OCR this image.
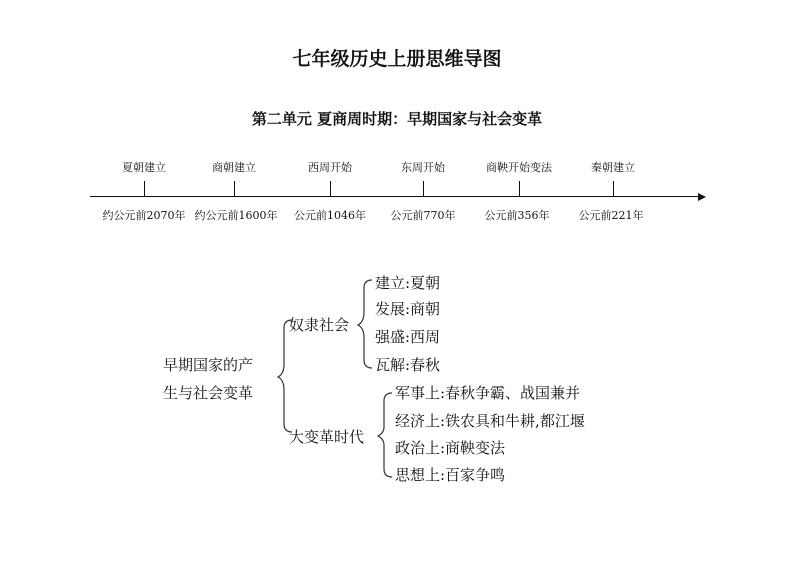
七年级历史上册思维导图
第二单元 夏商周时期：早期国家与社会变革
夏朝建立
约公元前2070年
商朝建立
约公元前1600年
西周开始
公元前1046年
东周开始
公元前770年
商鞅开始变法
公元前356年
秦朝建立
公元前221年
早期国家的产
生与社会变革
奴隶社会
建立:夏朝
发展:商朝
强盛:西周
瓦解:春秋
大变革时代
军事上:春秋争霸、战国兼并
经济上:铁农具和牛耕,都江堰
政治上:商鞅变法
思想上:百家争鸣
